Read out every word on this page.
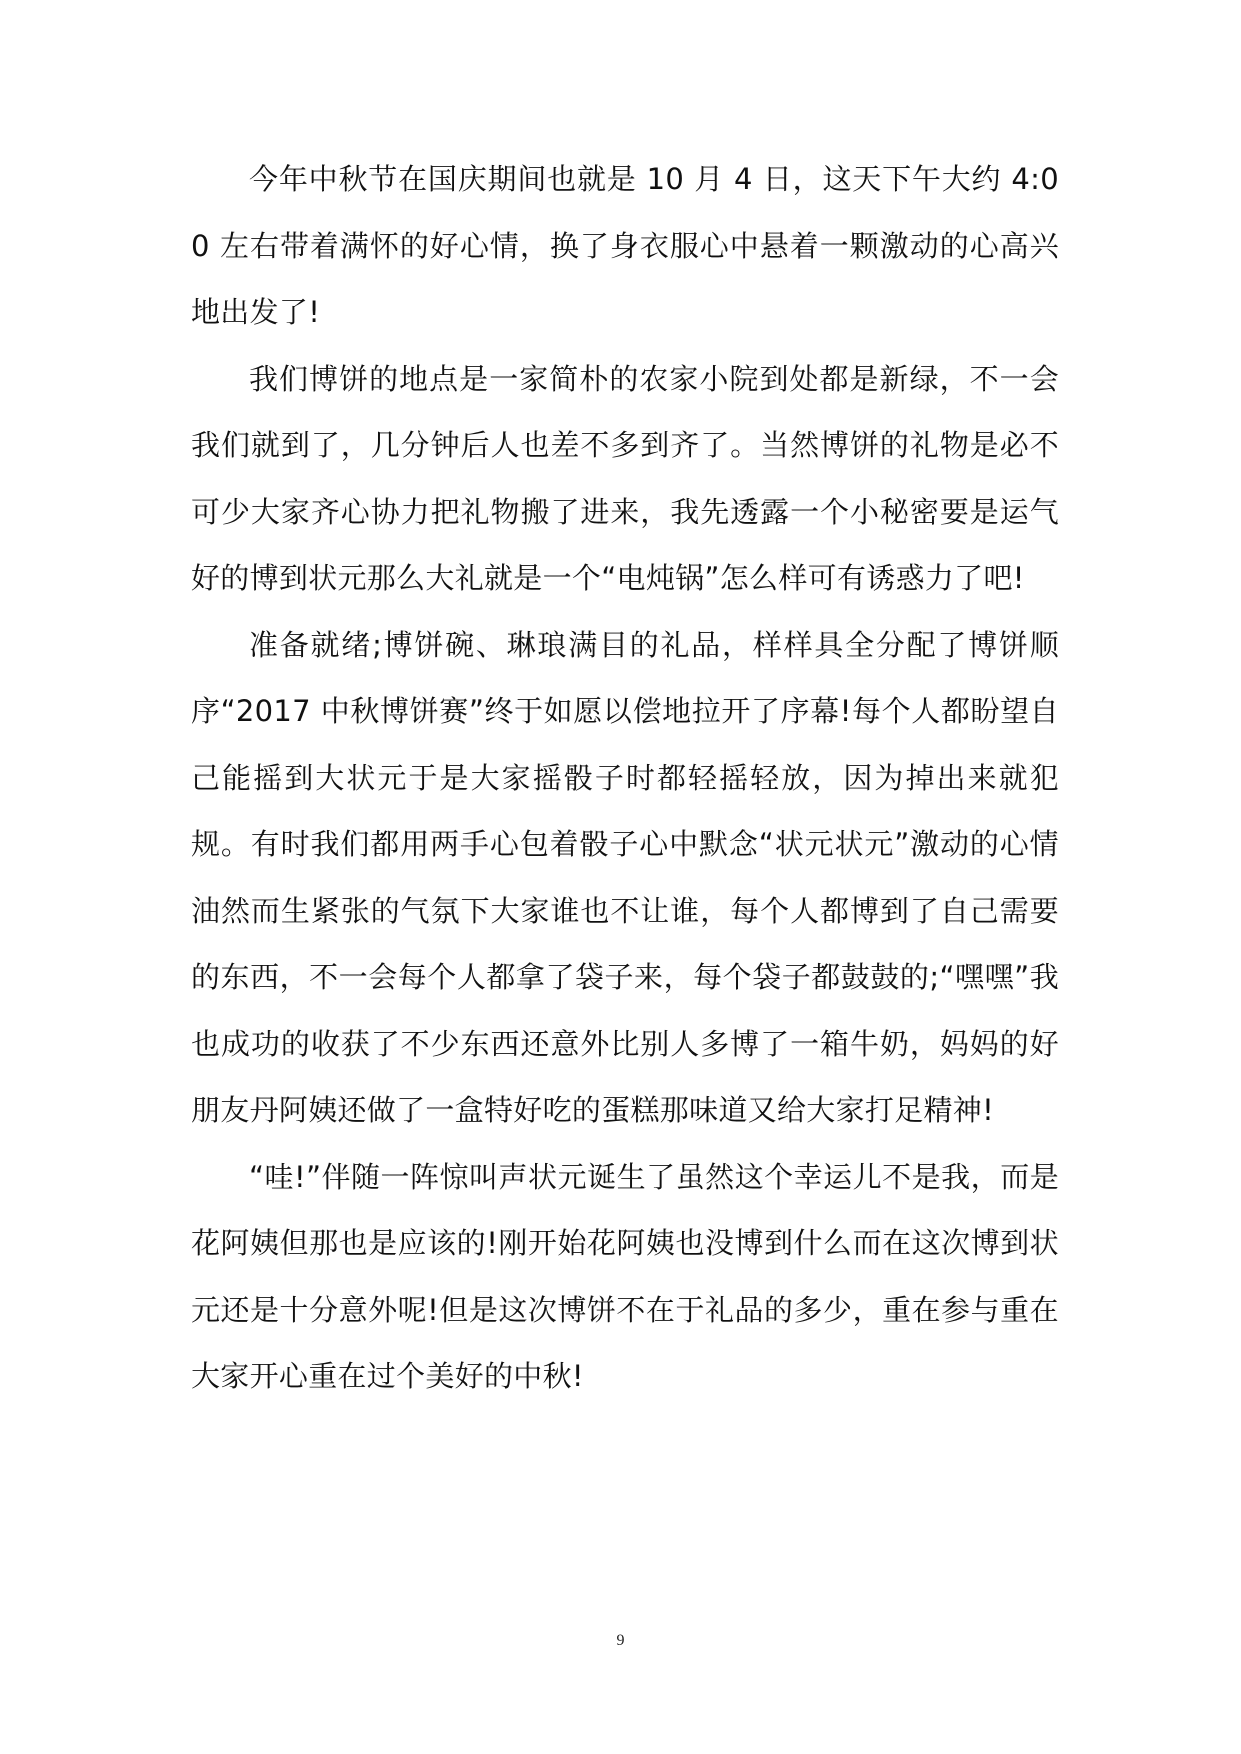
今年中秋节在国庆期间也就是 10 月 4 日，这天下午大约 4:00 左右带着满怀的好心情，换了身衣服心中悬着一颗激动的心高兴地出发了!

我们博饼的地点是一家简朴的农家小院到处都是新绿，不一会我们就到了，几分钟后人也差不多到齐了。当然博饼的礼物是必不可少大家齐心协力把礼物搬了进来，我先透露一个小秘密要是运气好的博到状元那么大礼就是一个“电炖锅”怎么样可有诱惑力了吧!

准备就绪;博饼碗、琳琅满目的礼品，样样具全分配了博饼顺序“2017 中秋博饼赛”终于如愿以偿地拉开了序幕!每个人都盼望自己能摇到大状元于是大家摇骰子时都轻摇轻放，因为掉出来就犯规。有时我们都用两手心包着骰子心中默念“状元状元”激动的心情油然而生紧张的气氛下大家谁也不让谁，每个人都博到了自己需要的东西，不一会每个人都拿了袋子来，每个袋子都鼓鼓的;“嘿嘿”我也成功的收获了不少东西还意外比别人多博了一箱牛奶，妈妈的好朋友丹阿姨还做了一盒特好吃的蛋糕那味道又给大家打足精神!

“哇!”伴随一阵惊叫声状元诞生了虽然这个幸运儿不是我，而是花阿姨但那也是应该的!刚开始花阿姨也没博到什么而在这次博到状元还是十分意外呢!但是这次博饼不在于礼品的多少，重在参与重在大家开心重在过个美好的中秋!

9
